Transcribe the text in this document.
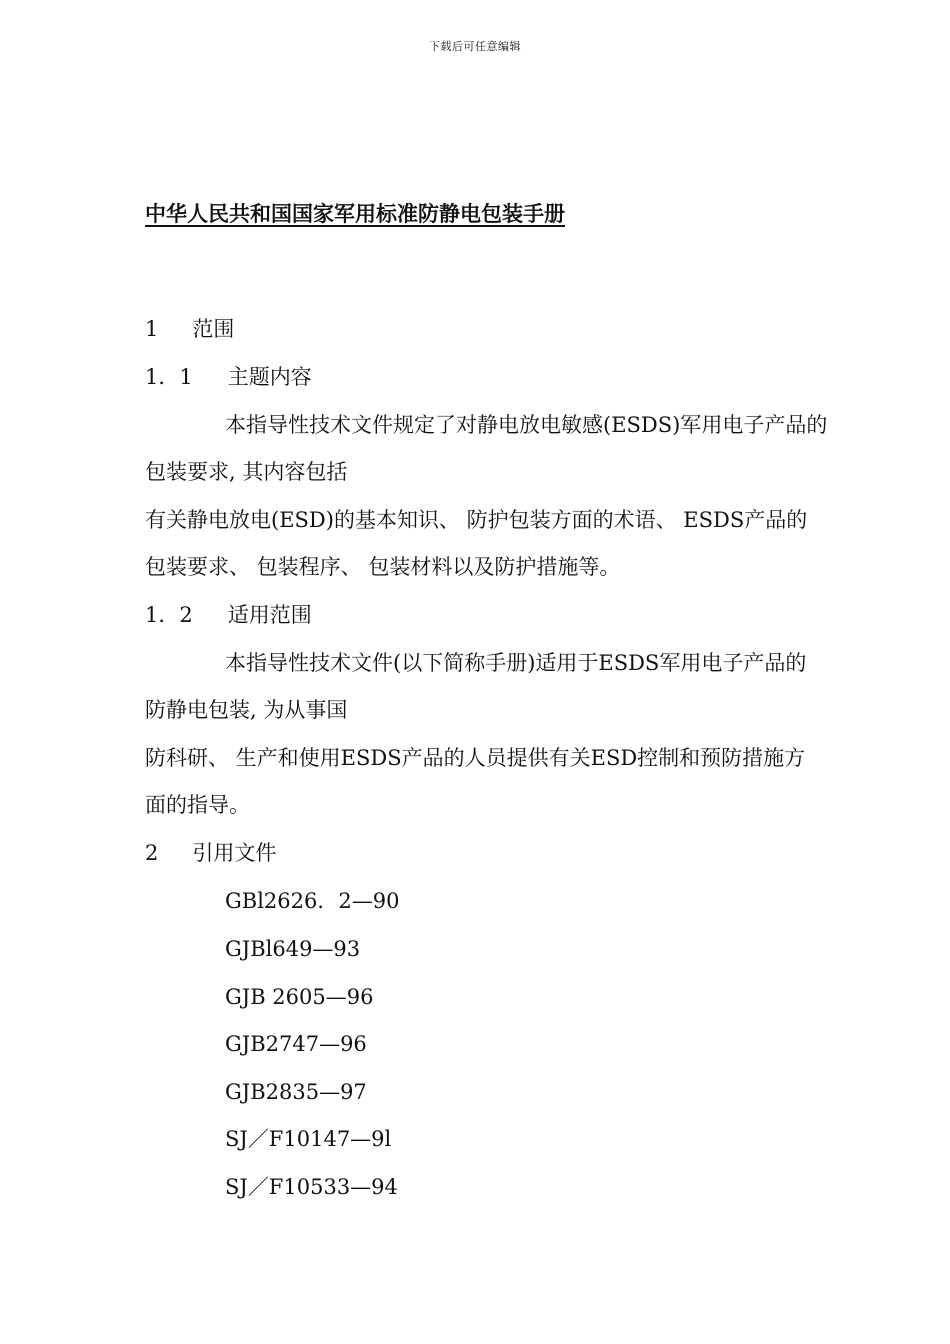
下载后可任意编辑
中华人民共和国国家军用标准防静电包装手册
1 范围
1．1 主题内容
本指导性技术文件规定了对静电放电敏感(ESDS)军用电子产品的
包装要求, 其内容包括
有关静电放电(ESD)的基本知识、 防护包装方面的术语、 ESDS产品的
包装要求、 包装程序、 包装材料以及防护措施等。
1．2 适用范围
本指导性技术文件(以下简称手册)适用于ESDS军用电子产品的
防静电包装, 为从事国
防科研、 生产和使用ESDS产品的人员提供有关ESD控制和预防措施方
面的指导。
2 引用文件
GBl2626．2—90
GJBl649—93
GJB 2605—96
GJB2747—96
GJB2835—97
SJ／F10147—9l
SJ／F10533—94
